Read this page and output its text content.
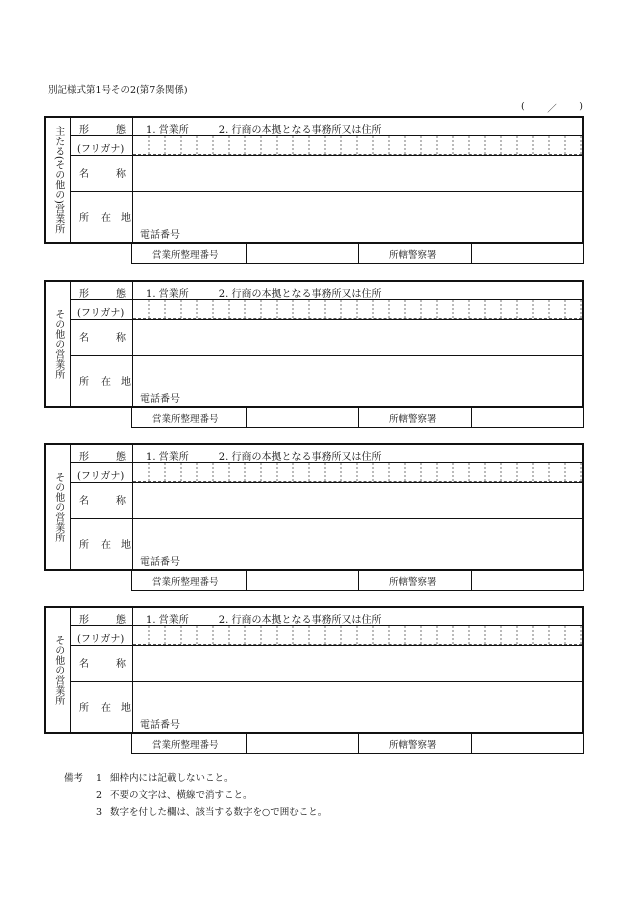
別記様式第1号その2(第7条関係)
( ／ )
主たる(その他の)営業所 形	態 1. 営業所	2. 行商の本拠となる事務所又は住所
(フリガナ)
名	称
所 在 地
電話番号
営業所整理番号	所轄警察署
その他の営業所
形	態 1. 営業所	2. 行商の本拠となる事務所又は住所
(フリガナ)
名	称
所 在 地
電話番号
営業所整理番号	所轄警察署
その他の営業所
形	態 1. 営業所	2. 行商の本拠となる事務所又は住所
(フリガナ)
名	称
所 在 地
電話番号
営業所整理番号	所轄警察署
その他の営業所
形	態 1. 営業所	2. 行商の本拠となる事務所又は住所
(フリガナ)
名	称
所 在 地
電話番号
営業所整理番号	所轄警察署
備考	1 細枠内には記載しないこと。
2 不要の文字は、横線で消すこと。
3 数字を付した欄は、該当する数字を○で囲むこと。
